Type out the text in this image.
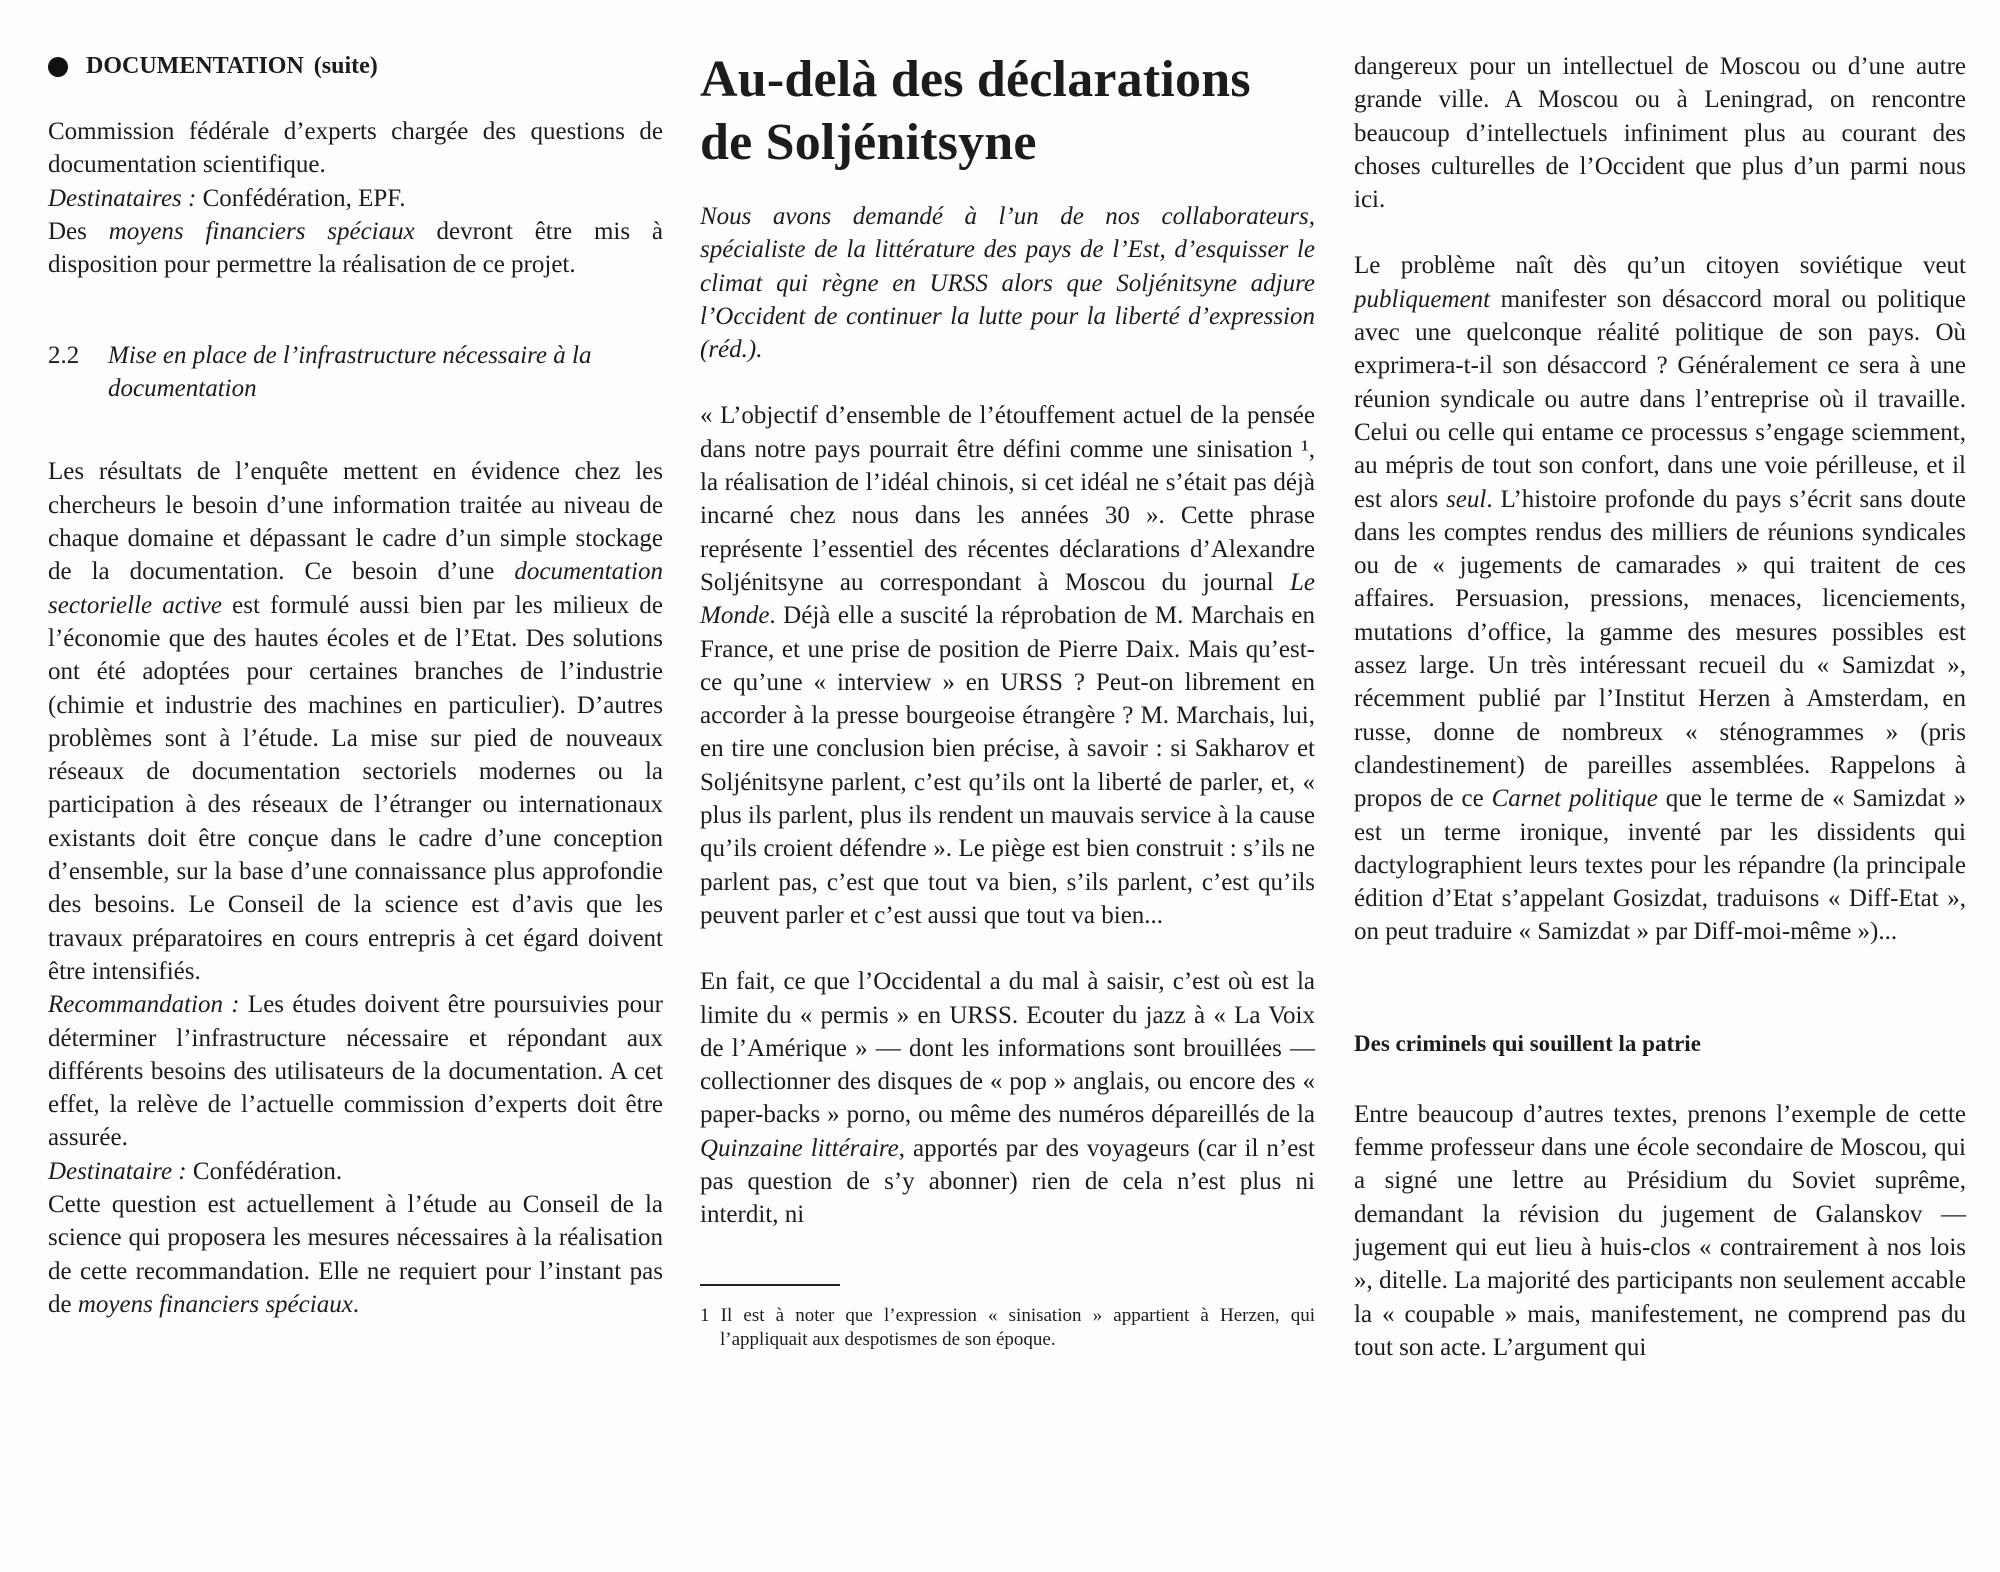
DOCUMENTATION (suite)

Commission fédérale d’experts chargée des questions de documentation scientifique.
Destinataires : Confédération, EPF.
Des moyens financiers spéciaux devront être mis à disposition pour permettre la réalisation de ce projet.

2.2	Mise en place de l’infrastructure nécessaire à la documentation

Les résultats de l’enquête mettent en évidence chez les chercheurs le besoin d’une information traitée au niveau de chaque domaine et dépassant le cadre d’un simple stockage de la documentation. Ce besoin d’une documentation sectorielle active est formulé aussi bien par les milieux de l’économie que des hautes écoles et de l’Etat. Des solutions ont été adoptées pour certaines branches de l’industrie (chimie et industrie des machines en particulier). D’autres problèmes sont à l’étude. La mise sur pied de nouveaux réseaux de documentation sectoriels modernes ou la participation à des réseaux de l’étranger ou internationaux existants doit être conçue dans le cadre d’une conception d’ensemble, sur la base d’une connaissance plus approfondie des besoins. Le Conseil de la science est d’avis que les travaux préparatoires en cours entrepris à cet égard doivent être intensifiés.
Recommandation : Les études doivent être poursuivies pour déterminer l’infrastructure nécessaire et répondant aux différents besoins des utilisateurs de la documentation. A cet effet, la relève de l’actuelle commission d’experts doit être assurée.
Destinataire : Confédération.
Cette question est actuellement à l’étude au Conseil de la science qui proposera les mesures nécessaires à la réalisation de cette recommandation. Elle ne requiert pour l’instant pas de moyens financiers spéciaux.

Au-delà des déclarations
de Soljénitsyne

Nous avons demandé à l’un de nos collaborateurs, spécialiste de la littérature des pays de l’Est, d’esquisser le climat qui règne en URSS alors que Soljénitsyne adjure l’Occident de continuer la lutte pour la liberté d’expression (réd.).

« L’objectif d’ensemble de l’étouffement actuel de la pensée dans notre pays pourrait être défini comme une sinisation ¹, la réalisation de l’idéal chinois, si cet idéal ne s’était pas déjà incarné chez nous dans les années 30 ». Cette phrase représente l’essentiel des récentes déclarations d’Alexandre Soljénitsyne au correspondant à Moscou du journal Le Monde. Déjà elle a suscité la réprobation de M. Marchais en France, et une prise de position de Pierre Daix. Mais qu’est-ce qu’une « interview » en URSS ? Peut-on librement en accorder à la presse bourgeoise étrangère ? M. Marchais, lui, en tire une conclusion bien précise, à savoir : si Sakharov et Soljénitsyne parlent, c’est qu’ils ont la liberté de parler, et, « plus ils parlent, plus ils rendent un mauvais service à la cause qu’ils croient défendre ». Le piège est bien construit : s’ils ne parlent pas, c’est que tout va bien, s’ils parlent, c’est qu’ils peuvent parler et c’est aussi que tout va bien...

En fait, ce que l’Occidental a du mal à saisir, c’est où est la limite du « permis » en URSS. Ecouter du jazz à « La Voix de l’Amérique » — dont les informations sont brouillées — collectionner des disques de « pop » anglais, ou encore des « paper-backs » porno, ou même des numéros dépareillés de la Quinzaine littéraire, apportés par des voyageurs (car il n’est pas question de s’y abonner) rien de cela n’est plus ni interdit, ni

1 Il est à noter que l’expression « sinisation » appartient à Herzen, qui l’appliquait aux despotismes de son époque.

dangereux pour un intellectuel de Moscou ou d’une autre grande ville. A Moscou ou à Leningrad, on rencontre beaucoup d’intellectuels infiniment plus au courant des choses culturelles de l’Occident que plus d’un parmi nous ici.

Le problème naît dès qu’un citoyen soviétique veut publiquement manifester son désaccord moral ou politique avec une quelconque réalité politique de son pays. Où exprimera-t-il son désaccord ? Généralement ce sera à une réunion syndicale ou autre dans l’entreprise où il travaille. Celui ou celle qui entame ce processus s’engage sciemment, au mépris de tout son confort, dans une voie périlleuse, et il est alors seul. L’histoire profonde du pays s’écrit sans doute dans les comptes rendus des milliers de réunions syndicales ou de « jugements de camarades » qui traitent de ces affaires. Persuasion, pressions, menaces, licenciements, mutations d’office, la gamme des mesures possibles est assez large. Un très intéressant recueil du « Samizdat », récemment publié par l’Institut Herzen à Amsterdam, en russe, donne de nombreux « sténogrammes » (pris clandestinement) de pareilles assemblées. Rappelons à propos de ce Carnet politique que le terme de « Samizdat » est un terme ironique, inventé par les dissidents qui dactylographient leurs textes pour les répandre (la principale édition d’Etat s’appelant Gosizdat, traduisons « Diff-Etat », on peut traduire « Samizdat » par Diff-moi-même »)...

Des criminels qui souillent la patrie

Entre beaucoup d’autres textes, prenons l’exemple de cette femme professeur dans une école secondaire de Moscou, qui a signé une lettre au Présidium du Soviet suprême, demandant la révision du jugement de Galanskov — jugement qui eut lieu à huis-clos « contrairement à nos lois », ditelle. La majorité des participants non seulement accable la « coupable » mais, manifestement, ne comprend pas du tout son acte. L’argument qui
